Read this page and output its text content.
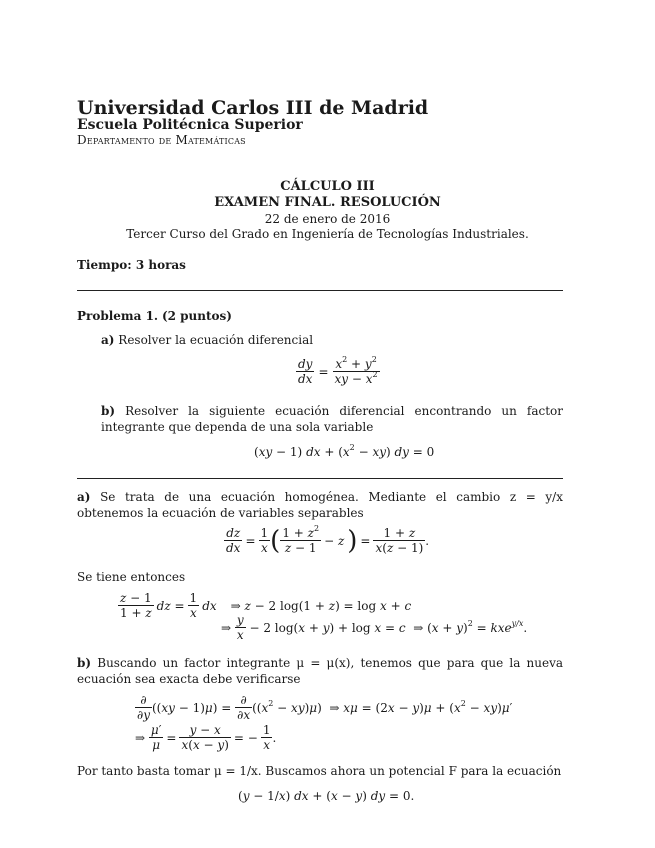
Universidad Carlos III de Madrid
Escuela Politécnica Superior
Departamento de Matemáticas
CÁLCULO III
EXAMEN FINAL. RESOLUCIÓN
22 de enero de 2016
Tercer Curso del Grado en Ingeniería de Tecnologías Industriales.
Tiempo: 3 horas
Problema 1. (2 puntos)
a) Resolver la ecuación diferencial
$\frac{dy}{dx} = \frac{x^2 + y^2}{xy - x^2}$
b) Resolver la siguiente ecuación diferencial encontrando un factor integrante que dependa de una sola variable
(xy − 1) dx + $(x^2 - xy)$ dy = 0
a) Se trata de una ecuación homogénea. Mediante el cambio z = y/x obtenemos la ecuación de variables separables
$\frac{dz}{dx} = \frac{1}{x}$ ( $\frac{1 + z^2}{z - 1} - z$ ) = $\frac{1 + z}{x(z - 1)}$ .
Se tiene entonces
$\frac{z - 1}{1 + z}$ dz = $\frac{1}{x}$ dx ⇒ z − 2 log(1 + z) = log x + c
⇒ $\frac{y}{x} - 2$ log(x + y) + log x = c  ⇒ $(x + y)^2 = kxe^{y/x}$.
b) Buscando un factor integrante μ = μ(x), tenemos que para que la nueva ecuación sea exacta debe verificarse
$\frac{\partial}{\partial y} ((xy - 1)\mu) = \frac{\partial}{\partial x} ((x^2 - xy)\mu)$  ⇒ $x\mu = (2x - y)\mu + (x^2 - xy)\mu'$
⇒ $\frac{\mu'}{\mu} = \frac{y - x}{x(x - y)}$ = − $\frac{1}{x}$ .
Por tanto basta tomar μ = 1/x. Buscamos ahora un potencial F para la ecuación
(y − 1/x) dx + (x − y) dy = 0.
